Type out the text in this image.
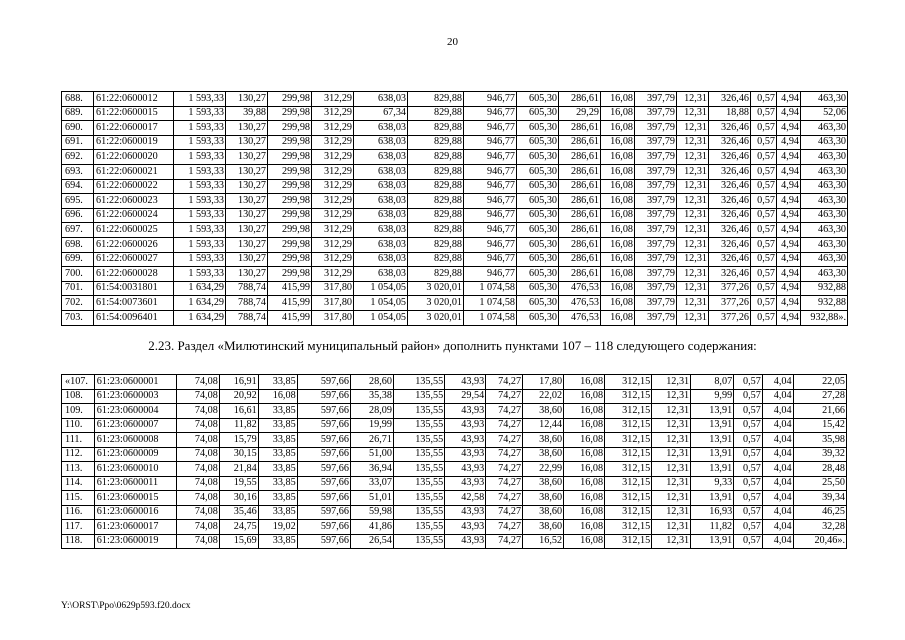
20
688.	61:22:0600012	1 593,33	130,27	299,98	312,29	638,03	829,88	946,77	605,30	286,61	16,08	397,79	12,31	326,46	0,57	4,94	463,30
689.	61:22:0600015	1 593,33	39,88	299,98	312,29	67,34	829,88	946,77	605,30	29,29	16,08	397,79	12,31	18,88	0,57	4,94	52,06
690.	61:22:0600017	1 593,33	130,27	299,98	312,29	638,03	829,88	946,77	605,30	286,61	16,08	397,79	12,31	326,46	0,57	4,94	463,30
691.	61:22:0600019	1 593,33	130,27	299,98	312,29	638,03	829,88	946,77	605,30	286,61	16,08	397,79	12,31	326,46	0,57	4,94	463,30
692.	61:22:0600020	1 593,33	130,27	299,98	312,29	638,03	829,88	946,77	605,30	286,61	16,08	397,79	12,31	326,46	0,57	4,94	463,30
693.	61:22:0600021	1 593,33	130,27	299,98	312,29	638,03	829,88	946,77	605,30	286,61	16,08	397,79	12,31	326,46	0,57	4,94	463,30
694.	61:22:0600022	1 593,33	130,27	299,98	312,29	638,03	829,88	946,77	605,30	286,61	16,08	397,79	12,31	326,46	0,57	4,94	463,30
695.	61:22:0600023	1 593,33	130,27	299,98	312,29	638,03	829,88	946,77	605,30	286,61	16,08	397,79	12,31	326,46	0,57	4,94	463,30
696.	61:22:0600024	1 593,33	130,27	299,98	312,29	638,03	829,88	946,77	605,30	286,61	16,08	397,79	12,31	326,46	0,57	4,94	463,30
697.	61:22:0600025	1 593,33	130,27	299,98	312,29	638,03	829,88	946,77	605,30	286,61	16,08	397,79	12,31	326,46	0,57	4,94	463,30
698.	61:22:0600026	1 593,33	130,27	299,98	312,29	638,03	829,88	946,77	605,30	286,61	16,08	397,79	12,31	326,46	0,57	4,94	463,30
699.	61:22:0600027	1 593,33	130,27	299,98	312,29	638,03	829,88	946,77	605,30	286,61	16,08	397,79	12,31	326,46	0,57	4,94	463,30
700.	61:22:0600028	1 593,33	130,27	299,98	312,29	638,03	829,88	946,77	605,30	286,61	16,08	397,79	12,31	326,46	0,57	4,94	463,30
701.	61:54:0031801	1 634,29	788,74	415,99	317,80	1 054,05	3 020,01	1 074,58	605,30	476,53	16,08	397,79	12,31	377,26	0,57	4,94	932,88
702.	61:54:0073601	1 634,29	788,74	415,99	317,80	1 054,05	3 020,01	1 074,58	605,30	476,53	16,08	397,79	12,31	377,26	0,57	4,94	932,88
703.	61:54:0096401	1 634,29	788,74	415,99	317,80	1 054,05	3 020,01	1 074,58	605,30	476,53	16,08	397,79	12,31	377,26	0,57	4,94	932,88».
2.23. Раздел «Милютинский муниципальный район» дополнить пунктами 107 – 118 следующего содержания:
«107.	61:23:0600001	74,08	16,91	33,85	597,66	28,60	135,55	43,93	74,27	17,80	16,08	312,15	12,31	8,07	0,57	4,04	22,05
108.	61:23:0600003	74,08	20,92	16,08	597,66	35,38	135,55	29,54	74,27	22,02	16,08	312,15	12,31	9,99	0,57	4,04	27,28
109.	61:23:0600004	74,08	16,61	33,85	597,66	28,09	135,55	43,93	74,27	38,60	16,08	312,15	12,31	13,91	0,57	4,04	21,66
110.	61:23:0600007	74,08	11,82	33,85	597,66	19,99	135,55	43,93	74,27	12,44	16,08	312,15	12,31	13,91	0,57	4,04	15,42
111.	61:23:0600008	74,08	15,79	33,85	597,66	26,71	135,55	43,93	74,27	38,60	16,08	312,15	12,31	13,91	0,57	4,04	35,98
112.	61:23:0600009	74,08	30,15	33,85	597,66	51,00	135,55	43,93	74,27	38,60	16,08	312,15	12,31	13,91	0,57	4,04	39,32
113.	61:23:0600010	74,08	21,84	33,85	597,66	36,94	135,55	43,93	74,27	22,99	16,08	312,15	12,31	13,91	0,57	4,04	28,48
114.	61:23:0600011	74,08	19,55	33,85	597,66	33,07	135,55	43,93	74,27	38,60	16,08	312,15	12,31	9,33	0,57	4,04	25,50
115.	61:23:0600015	74,08	30,16	33,85	597,66	51,01	135,55	42,58	74,27	38,60	16,08	312,15	12,31	13,91	0,57	4,04	39,34
116.	61:23:0600016	74,08	35,46	33,85	597,66	59,98	135,55	43,93	74,27	38,60	16,08	312,15	12,31	16,93	0,57	4,04	46,25
117.	61:23:0600017	74,08	24,75	19,02	597,66	41,86	135,55	43,93	74,27	38,60	16,08	312,15	12,31	11,82	0,57	4,04	32,28
118.	61:23:0600019	74,08	15,69	33,85	597,66	26,54	135,55	43,93	74,27	16,52	16,08	312,15	12,31	13,91	0,57	4,04	20,46».
Y:\ORST\Ppo\0629p593.f20.docx
